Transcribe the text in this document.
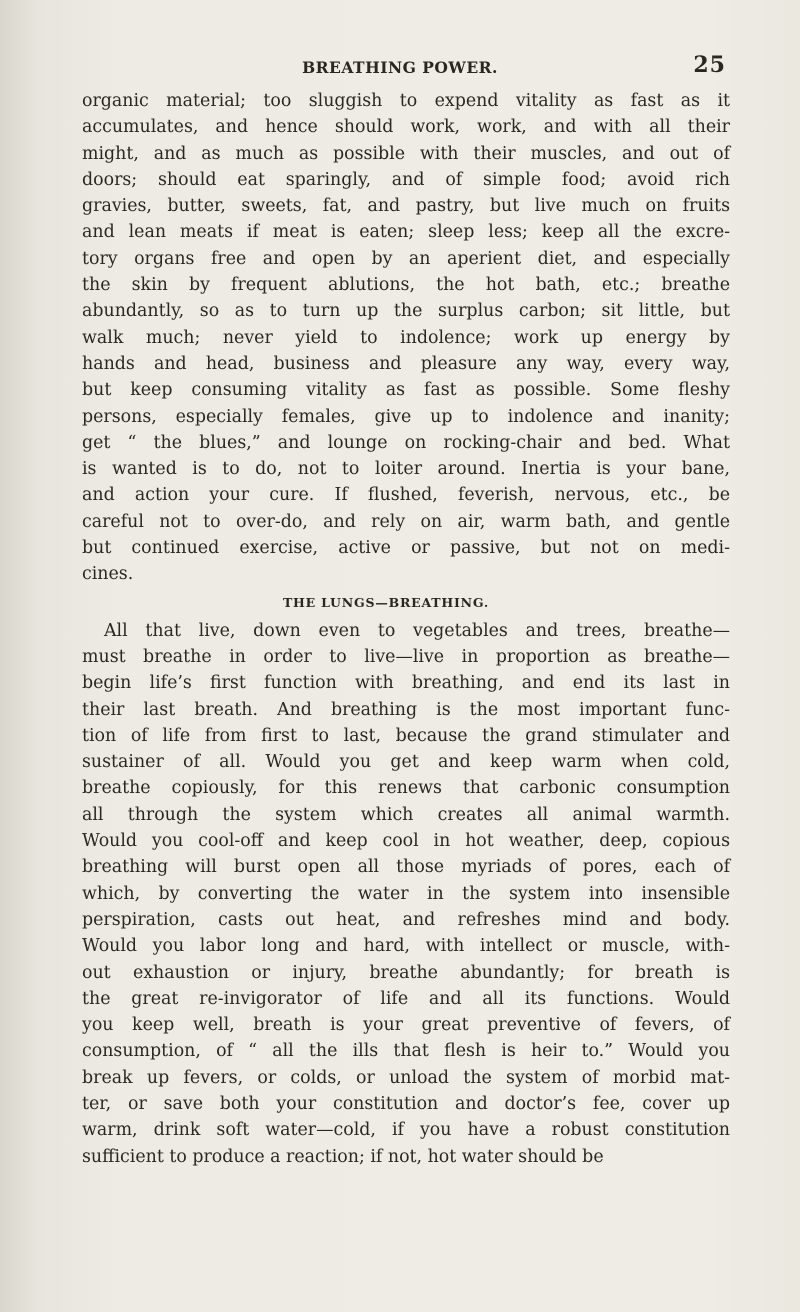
BREATHING POWER.	25
organic material; too sluggish to expend vitality as fast as it
accumulates, and hence should work, work, and with all their
might, and as much as possible with their muscles, and out of
doors; should eat sparingly, and of simple food; avoid rich
gravies, butter, sweets, fat, and pastry, but live much on fruits
and lean meats if meat is eaten; sleep less; keep all the excre-
tory organs free and open by an aperient diet, and especially
the skin by frequent ablutions, the hot bath, etc.; breathe
abundantly, so as to turn up the surplus carbon; sit little, but
walk much; never yield to indolence; work up energy by
hands and head, business and pleasure any way, every way,
but keep consuming vitality as fast as possible. Some fleshy
persons, especially females, give up to indolence and inanity;
get “ the blues,” and lounge on rocking-chair and bed. What
is wanted is to do, not to loiter around. Inertia is your bane,
and action your cure. If flushed, feverish, nervous, etc., be
careful not to over-do, and rely on air, warm bath, and gentle
but continued exercise, active or passive, but not on medi-
cines.
THE LUNGS—BREATHING.
All that live, down even to vegetables and trees, breathe—
must breathe in order to live—live in proportion as breathe—
begin life’s first function with breathing, and end its last in
their last breath. And breathing is the most important func-
tion of life from first to last, because the grand stimulater and
sustainer of all. Would you get and keep warm when cold,
breathe copiously, for this renews that carbonic consumption
all through the system which creates all animal warmth.
Would you cool-off and keep cool in hot weather, deep, copious
breathing will burst open all those myriads of pores, each of
which, by converting the water in the system into insensible
perspiration, casts out heat, and refreshes mind and body.
Would you labor long and hard, with intellect or muscle, with-
out exhaustion or injury, breathe abundantly; for breath is
the great re-invigorator of life and all its functions. Would
you keep well, breath is your great preventive of fevers, of
consumption, of “ all the ills that flesh is heir to.” Would you
break up fevers, or colds, or unload the system of morbid mat-
ter, or save both your constitution and doctor’s fee, cover up
warm, drink soft water—cold, if you have a robust constitution
sufficient to produce a reaction; if not, hot water should be
